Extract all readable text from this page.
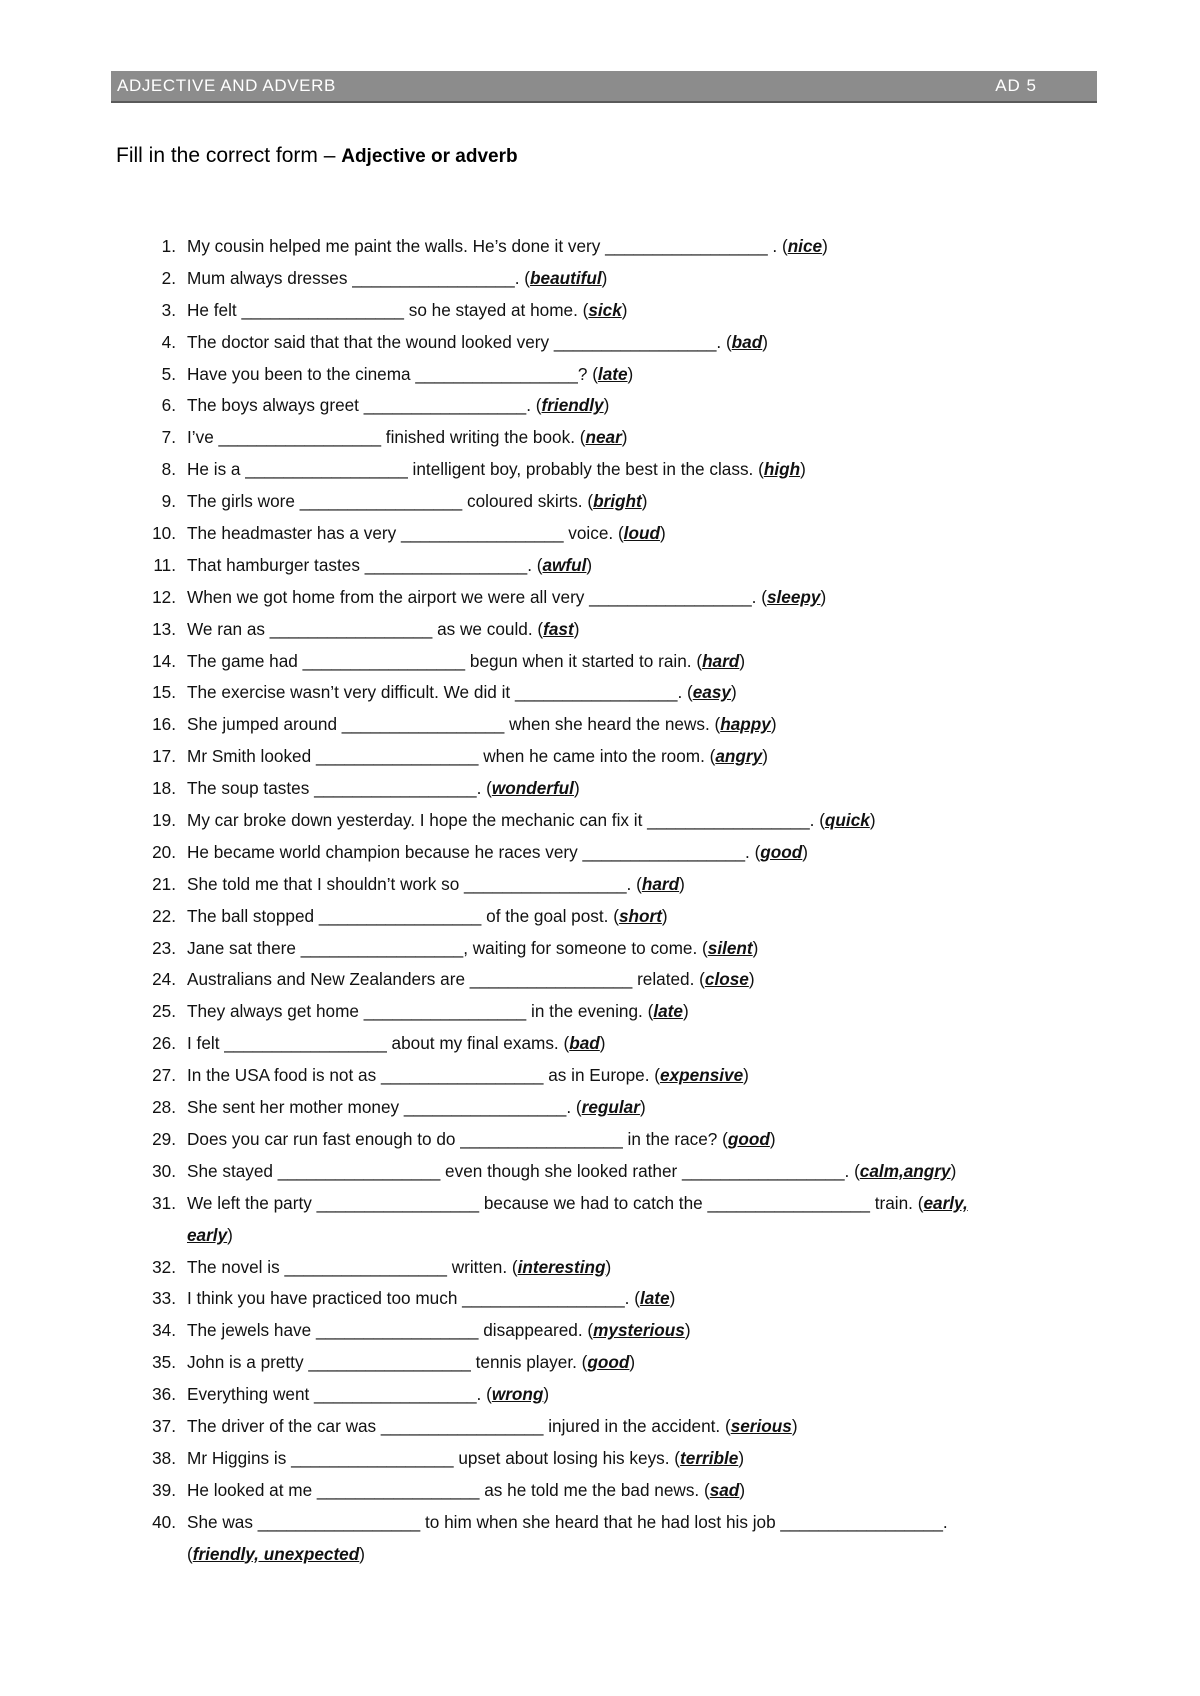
ADJECTIVE AND ADVERB	AD 5
Fill in the correct form – Adjective or adverb
1. My cousin helped me paint the walls. He’s done it very _________________ . (nice)
2. Mum always dresses _________________. (beautiful)
3. He felt _________________ so he stayed at home. (sick)
4. The doctor said that that the wound looked very _________________. (bad)
5. Have you been to the cinema _________________? (late)
6. The boys always greet _________________. (friendly)
7. I’ve _________________ finished writing the book. (near)
8. He is a _________________ intelligent boy, probably the best in the class. (high)
9. The girls wore _________________ coloured skirts. (bright)
10. The headmaster has a very _________________ voice. (loud)
11. That hamburger tastes _________________. (awful)
12. When we got home from the airport we were all very _________________. (sleepy)
13. We ran as _________________ as we could. (fast)
14. The game had _________________ begun when it started to rain. (hard)
15. The exercise wasn’t very difficult. We did it _________________. (easy)
16. She jumped around _________________ when she heard the news. (happy)
17. Mr Smith looked _________________ when he came into the room. (angry)
18. The soup tastes _________________. (wonderful)
19. My car broke down yesterday. I hope the mechanic can fix it _________________. (quick)
20. He became world champion because he races very _________________. (good)
21. She told me that I shouldn’t work so _________________. (hard)
22. The ball stopped _________________ of the goal post. (short)
23. Jane sat there _________________, waiting for someone to come. (silent)
24. Australians and New Zealanders are _________________ related. (close)
25. They always get home _________________ in the evening. (late)
26. I felt _________________ about my final exams. (bad)
27. In the USA food is not as _________________ as in Europe. (expensive)
28. She sent her mother money _________________. (regular)
29. Does you car run fast enough to do _________________ in the race? (good)
30. She stayed _________________ even though she looked rather _________________. (calm,angry)
31. We left the party _________________ because we had to catch the _________________ train. (early,
early)
32. The novel is _________________ written. (interesting)
33. I think you have practiced too much _________________. (late)
34. The jewels have _________________ disappeared. (mysterious)
35. John is a pretty _________________ tennis player. (good)
36. Everything went _________________. (wrong)
37. The driver of the car was _________________ injured in the accident. (serious)
38. Mr Higgins is _________________ upset about losing his keys. (terrible)
39. He looked at me _________________ as he told me the bad news. (sad)
40. She was _________________ to him when she heard that he had lost his job _________________.
(friendly, unexpected)
